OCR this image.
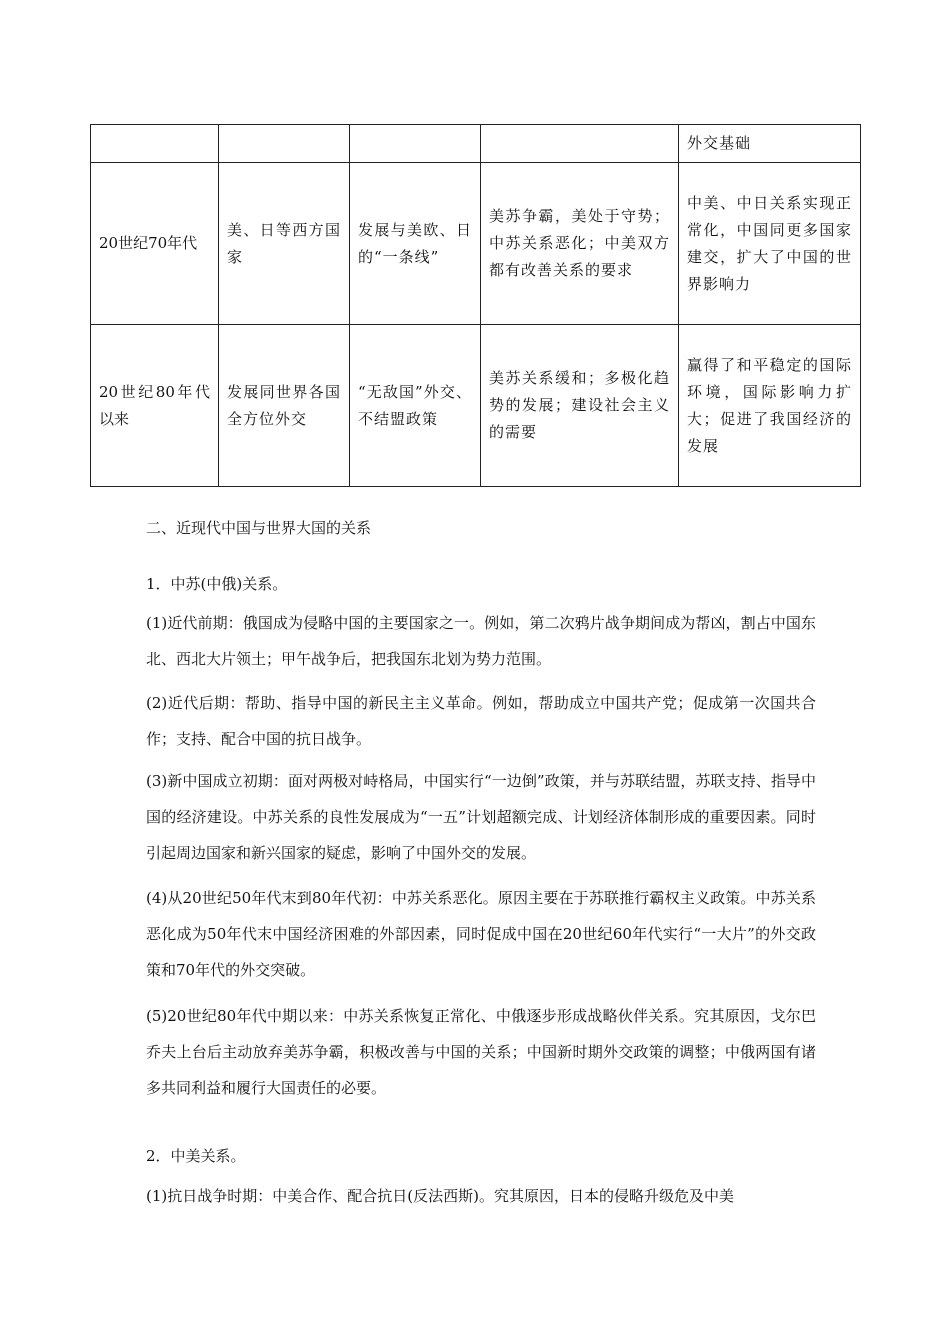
				外交基础
20世纪70年代	美、日等西方国家	发展与美欧、日的“一条线”	美苏争霸，美处于守势；中苏关系恶化；中美双方都有改善关系的要求	中美、中日关系实现正常化，中国同更多国家建交，扩大了中国的世界影响力
20世纪80年代以来	发展同世界各国全方位外交	“无敌国”外交、不结盟政策	美苏关系缓和；多极化趋势的发展；建设社会主义的需要	赢得了和平稳定的国际环境，国际影响力扩大；促进了我国经济的发展
二、近现代中国与世界大国的关系
1．中苏(中俄)关系。
(1)近代前期：俄国成为侵略中国的主要国家之一。例如，第二次鸦片战争期间成为帮凶，割占中国东北、西北大片领土；甲午战争后，把我国东北划为势力范围。
(2)近代后期：帮助、指导中国的新民主主义革命。例如，帮助成立中国共产党；促成第一次国共合作；支持、配合中国的抗日战争。
(3)新中国成立初期：面对两极对峙格局，中国实行“一边倒”政策，并与苏联结盟，苏联支持、指导中国的经济建设。中苏关系的良性发展成为“一五”计划超额完成、计划经济体制形成的重要因素。同时引起周边国家和新兴国家的疑虑，影响了中国外交的发展。
(4)从20世纪50年代末到80年代初：中苏关系恶化。原因主要在于苏联推行霸权主义政策。中苏关系恶化成为50年代末中国经济困难的外部因素，同时促成中国在20世纪60年代实行“一大片”的外交政策和70年代的外交突破。
(5)20世纪80年代中期以来：中苏关系恢复正常化、中俄逐步形成战略伙伴关系。究其原因，戈尔巴乔夫上台后主动放弃美苏争霸，积极改善与中国的关系；中国新时期外交政策的调整；中俄两国有诸多共同利益和履行大国责任的必要。
2．中美关系。
(1)抗日战争时期：中美合作、配合抗日(反法西斯)。究其原因，日本的侵略升级危及中美
